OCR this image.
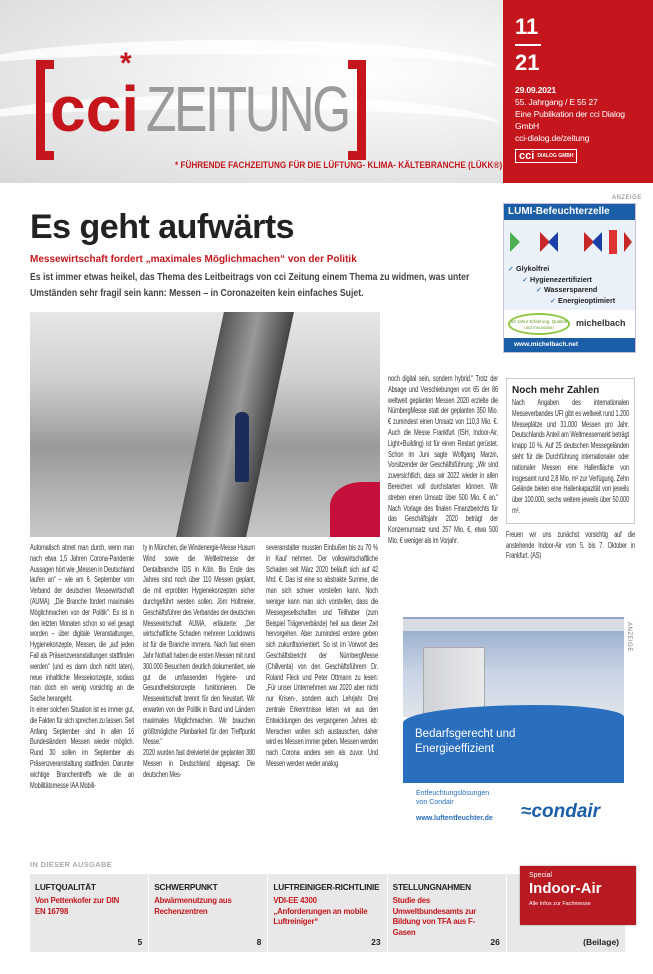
*
cci ZEITUNG
* FÜHRENDE FACHZEITUNG FÜR DIE LÜFTUNG- KLIMA- KÄLTEBRANCHE (LÜKK®)
11
21
29.09.2021
55. Jahrgang / E 55 27
Eine Publikation der cci Dialog GmbH
cci-dialog.de/zeitung
cci DIALOG GMBH
ANZEIGE
Es geht aufwärts
Messewirtschaft fordert „maximales Möglichmachen“ von der Politik
Es ist immer etwas heikel, das Thema des Leitbeitrags von cci Zeitung einem Thema zu widmen, was unter Umständen sehr fragil sein kann: Messen – in Coronazeiten kein einfaches Sujet.

Automatisch atmet man durch, wenn man nach etwa 1,5 Jahren Corona-Pandemie Aussagen hört wie „Messen in Deutschland laufen an“ – wie am 6. September vom Verband der deutschen Messewirtschaft (AUMA). „Die Branche fordert maximales Möglichmachen von der Politik“. Es ist in den letzten Monaten schon so viel gesagt worden – über digitale Veranstaltungen, Hygienekonzepte, Messen, die „auf jeden Fall als Präsenzveranstaltungen stattfinden werden“ (und es dann doch nicht taten), neue inhaltliche Messekonzepte, sodass man doch ein wenig vorsichtig an die Sache herangeht.

In einer solchen Situation ist es immer gut, die Fakten für sich sprechen zu lassen. Seit Anfang September sind in allen 16 Bundesländern Messen wieder möglich. Rund 30 sollen im September als Präsenzveranstaltung stattfinden. Darunter wichtige Branchentreffs wie die an Mobilitätsmesse IAA Mobili-

ty in München, die Windenergie-Messe Husum Wind sowie die Weltleitmesse der Dentalbranche IDS in Köln. Bis Ende des Jahres sind noch über 110 Messen geplant, die mit erprobten Hygienekonzepten sicher durchgeführt werden sollen. Jörn Holtmeier, Geschäftsführer des Verbandes der deutschen Messewirtschaft AUMA, erläuterte: „Der wirtschaftliche Schaden mehrerer Lockdowns ist für die Branche immens. Nach fast einem Jahr Nothalt haben die ersten Messen mit rund 300.000 Besuchern deutlich dokumentiert, wie gut die umfassenden Hygiene- und Gesundheitskonzepte funktionieren. Die Messewirtschaft brennt für den Neustart. Wir erwarten von der Politik in Bund und Ländern maximales Möglichmachen. Wir brauchen größtmögliche Planbarkeit für den Treffpunkt Messe.“

2020 wurden fast dreiviertel der geplanten 380 Messen in Deutschland abgesagt. Die deutschen Mes-

severanstalter mussten Einbußen bis zu 70 % in Kauf nehmen. Der volkswirtschaftliche Schaden seit März 2020 beläuft sich auf 42 Mrd. €. Das ist eine so abstrakte Summe, die man sich schwer vorstellen kann. Noch weniger kann man sich vorstellen, dass die Messegesellschaften und Teilhaber (zum Beispiel Trägerverbände) heil aus dieser Zeit hervorgehen. Aber zumindest erstere geben sich zukunftsorientiert. So ist im Vorwort des Geschäftsbericht der NürnbergMesse (Chillventa) von den Geschäftsführern Dr. Roland Fleck und Peter Ottmann zu lesen: „Für unser Unternehmen war 2020 aber nicht nur Krisen-, sondern auch Lehrjahr. Drei zentrale Erkenntnisse leiten wir aus den Entwicklungen des vergangenen Jahres ab: Menschen wollen sich austauschen, daher wird es Messen immer geben. Messen werden nach Corona anders sein als zuvor. Und Messen werden weder analog

noch digital sein, sondern hybrid.“ Trotz der Absage und Verschiebungen von 65 der 86 weltweit geplanten Messen 2020 erzielte die NürnbergMesse statt der geplanten 350 Mio. € zumindest einen Umsatz von 110,3 Mio. €. Auch die Messe Frankfurt (ISH, Indoor-Air, Light+Building) ist für einen Restart gerüstet. Schon im Juni sagte Wolfgang Marzin, Vorsitzender der Geschäftsführung: „Wir sind zuversichtlich, dass wir 2022 wieder in allen Bereichen voll durchstarten können. Wir streben einen Umsatz über 500 Mio. € an.“ Nach Vorlage des finalen Finanzberichts für das Geschäftsjahr 2020 beträgt der Konzernumsatz rund 257 Mio. €, etwa 500 Mio. € weniger als im Vorjahr.

LUMI-Befeuchterzelle
✓ Glykolfrei
✓ Hygienezertifiziert
✓ Wassersparend
✓ Energieoptimiert
50 Jahre Erfahrung, Qualität und Innovation	michelbach
www.michelbach.net
Noch mehr Zahlen

Nach Angaben des internationalen Messeverbandes UFI gibt es weltweit rund 1.200 Messeplätze und 31.000 Messen pro Jahr. Deutschlands Anteil am Weltmessemarkt beträgt knapp 10 %. Auf 25 deutschen Messegeländen steht für die Durchführung internationaler oder nationaler Messen eine Hallenfläche von insgesamt rund 2,8 Mio. m² zur Verfügung. Zehn Gelände bieten eine Hallenkapazität von jeweils über 100.000, sechs weitere jeweils über 50.000 m².

Freuen wir uns zunächst vorsichtig auf die anstehende Indoor-Air vom 5. bis 7. Oktober in Frankfurt. (AS)

Bedarfsgerecht und
Energieeffizient
Entfeuchtungslösungen
von Condair
www.luftentfeuchter.de ≈condair
ANZEIGE
IN DIESER AUSGABE
LUFTQUALITÄT
Von Pettenkofer zur DIN EN 16798
5
SCHWERPUNKT
Abwärmenutzung aus Rechenzentren
8
LUFTREINIGER-RICHTLINIE
VDI-EE 4300 „Anforderungen an mobile Luftreiniger“
23
STELLUNGNAHMEN
Studie des Umweltbundesamts zur Bildung von TFA aus F-Gasen
26	(Beilage)
Special
Indoor-Air
Alle Infos zur Fachmesse
